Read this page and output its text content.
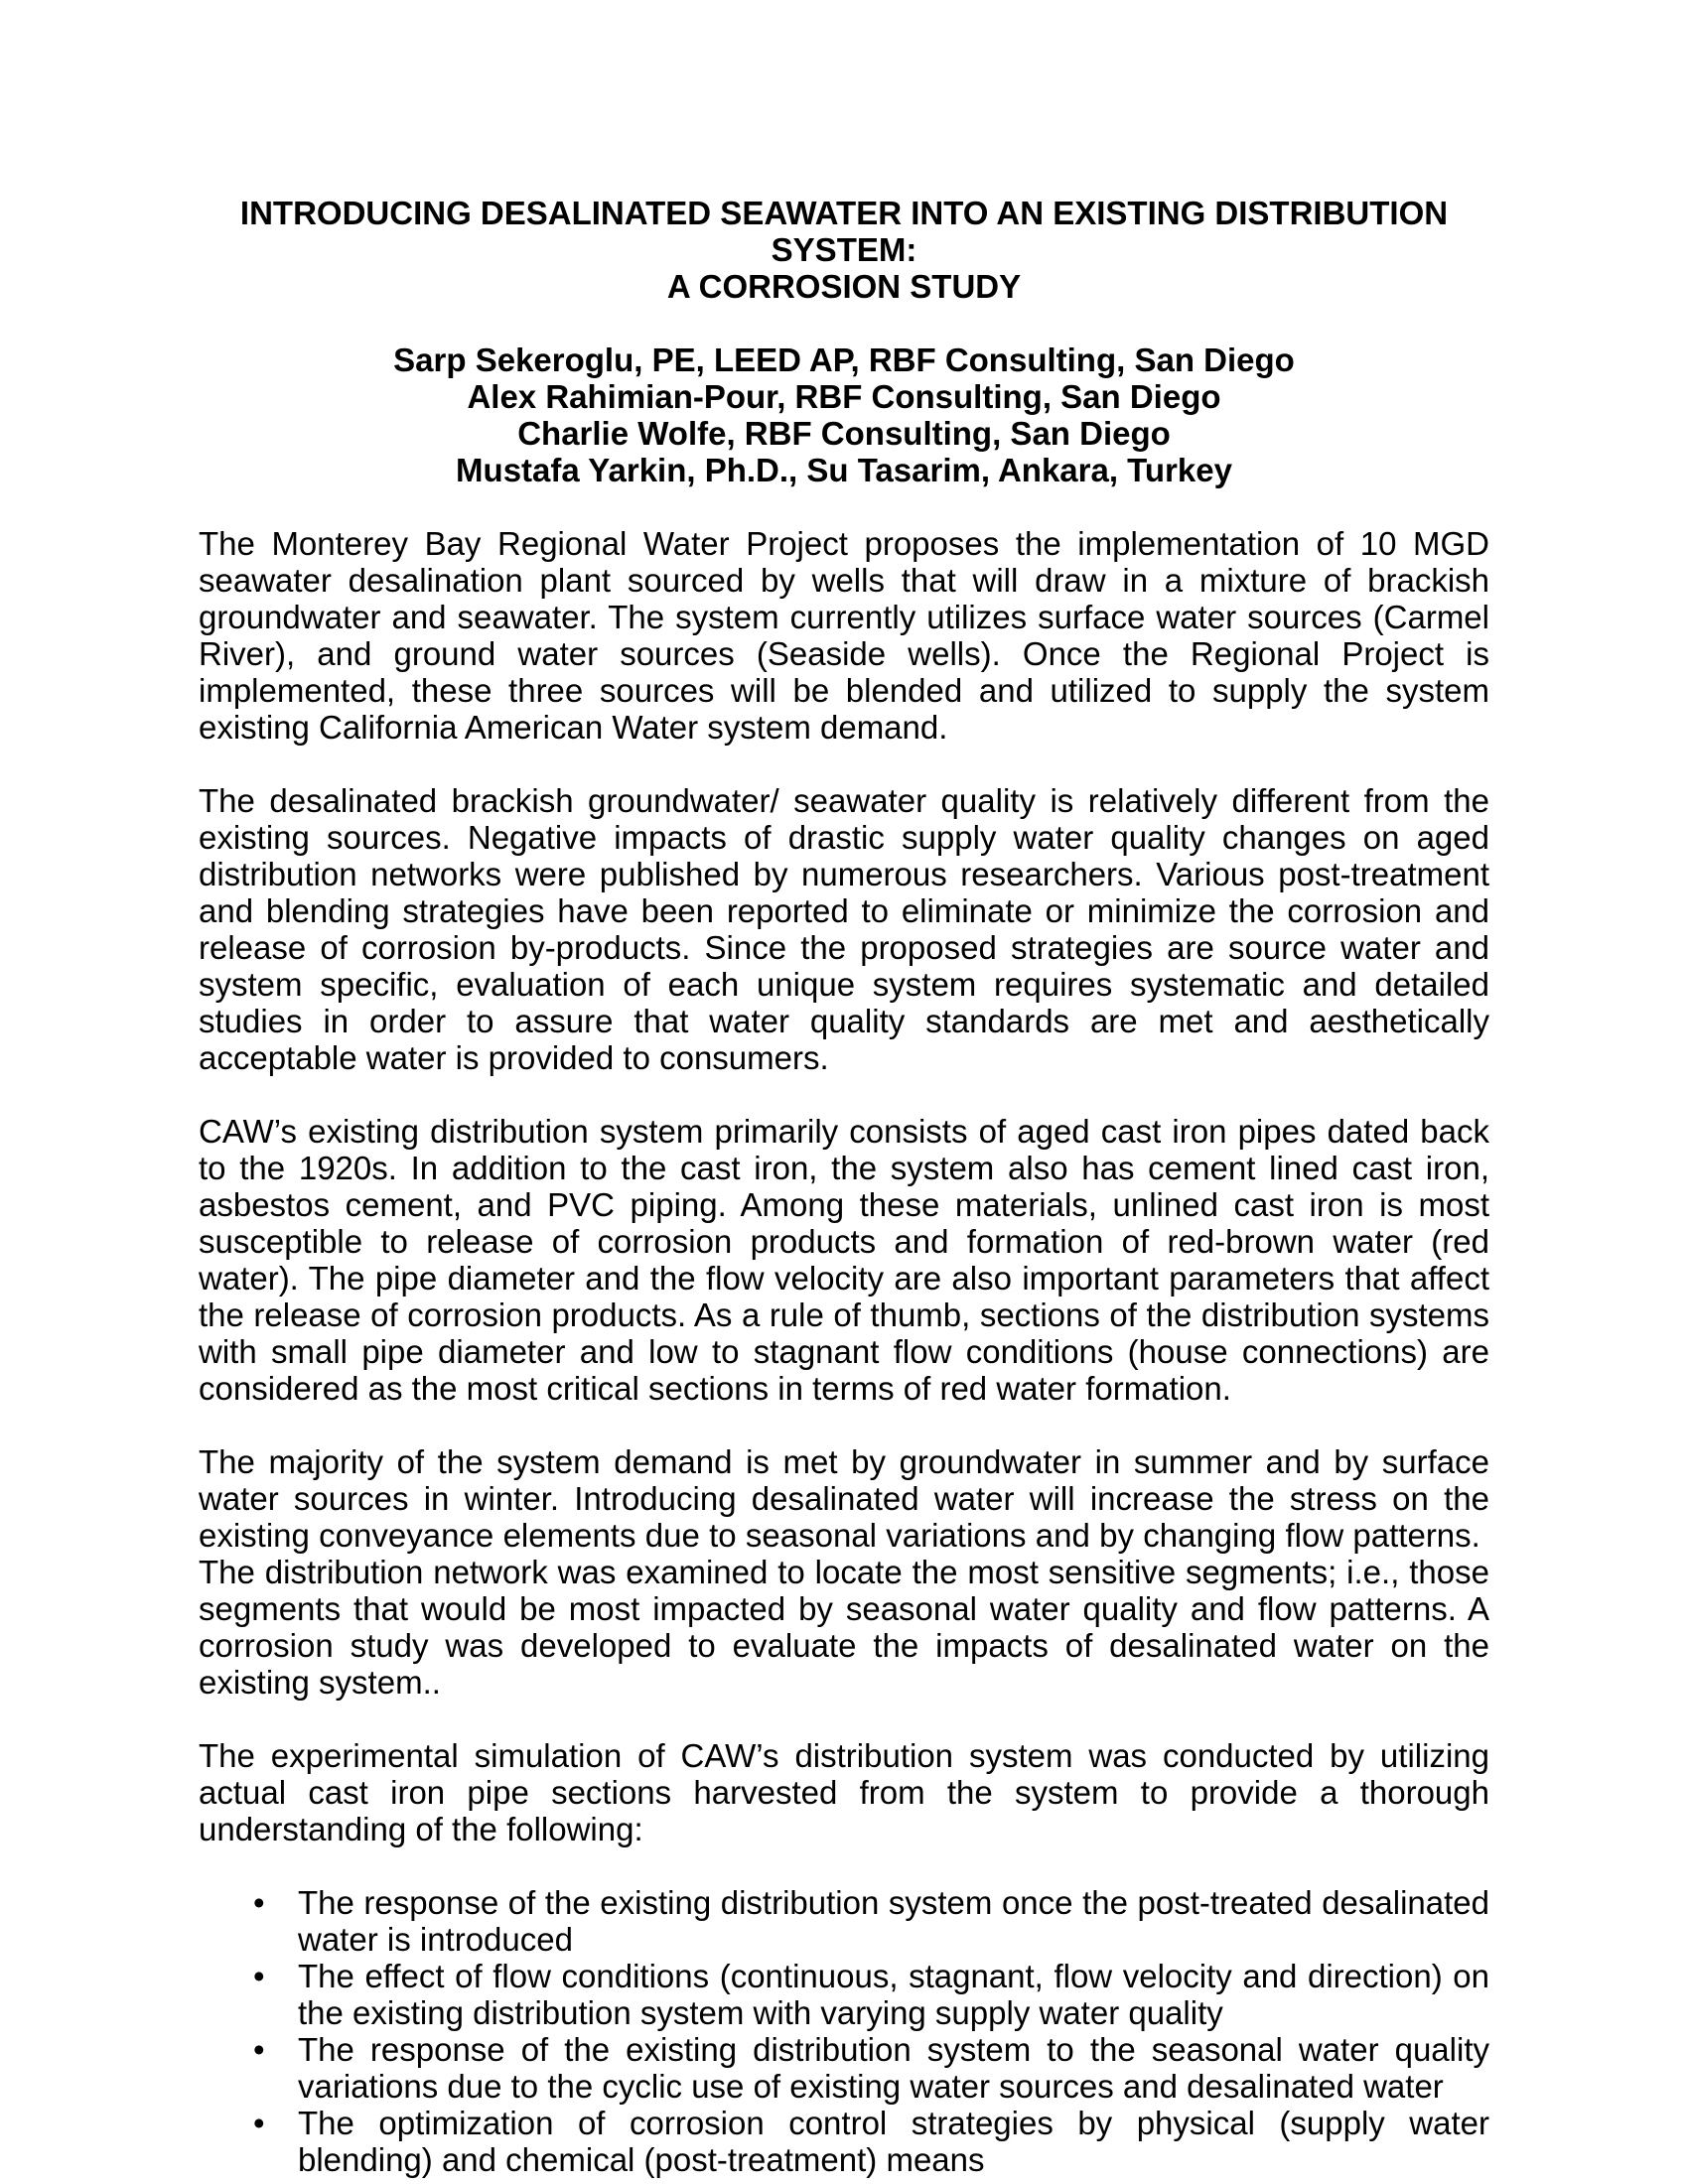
INTRODUCING DESALINATED SEAWATER INTO AN EXISTING DISTRIBUTION SYSTEM:
A CORROSION STUDY
Sarp Sekeroglu, PE, LEED AP, RBF Consulting, San Diego
Alex Rahimian-Pour, RBF Consulting, San Diego
Charlie Wolfe, RBF Consulting, San Diego
Mustafa Yarkin, Ph.D., Su Tasarim, Ankara, Turkey

The Monterey Bay Regional Water Project proposes the implementation of 10 MGD seawater desalination plant sourced by wells that will draw in a mixture of brackish groundwater and seawater. The system currently utilizes surface water sources (Carmel River), and ground water sources (Seaside wells). Once the Regional Project is implemented, these three sources will be blended and utilized to supply the system existing California American Water system demand.

The desalinated brackish groundwater/ seawater quality is relatively different from the existing sources. Negative impacts of drastic supply water quality changes on aged distribution networks were published by numerous researchers. Various post-treatment and blending strategies have been reported to eliminate or minimize the corrosion and release of corrosion by-products. Since the proposed strategies are source water and system specific, evaluation of each unique system requires systematic and detailed studies in order to assure that water quality standards are met and aesthetically acceptable water is provided to consumers.

CAW’s existing distribution system primarily consists of aged cast iron pipes dated back to the 1920s. In addition to the cast iron, the system also has cement lined cast iron, asbestos cement, and PVC piping. Among these materials, unlined cast iron is most susceptible to release of corrosion products and formation of red-brown water (red water). The pipe diameter and the flow velocity are also important parameters that affect the release of corrosion products. As a rule of thumb, sections of the distribution systems with small pipe diameter and low to stagnant flow conditions (house connections) are considered as the most critical sections in terms of red water formation.

The majority of the system demand is met by groundwater in summer and by surface water sources in winter. Introducing desalinated water will increase the stress on the existing conveyance elements due to seasonal variations and by changing flow patterns.  The distribution network was examined to locate the most sensitive segments; i.e., those segments that would be most impacted by seasonal water quality and flow patterns. A corrosion study was developed to evaluate the impacts of desalinated water on the existing system..

The experimental simulation of CAW’s distribution system was conducted by utilizing actual cast iron pipe sections harvested from the system to provide a thorough understanding of the following:

• The response of the existing distribution system once the post-treated desalinated water is introduced
• The effect of flow conditions (continuous, stagnant, flow velocity and direction) on the existing distribution system with varying supply water quality
• The response of the existing distribution system to the seasonal water quality variations due to the cyclic use of existing water sources and desalinated water
• The optimization of corrosion control strategies by physical (supply water blending) and chemical (post-treatment) means
